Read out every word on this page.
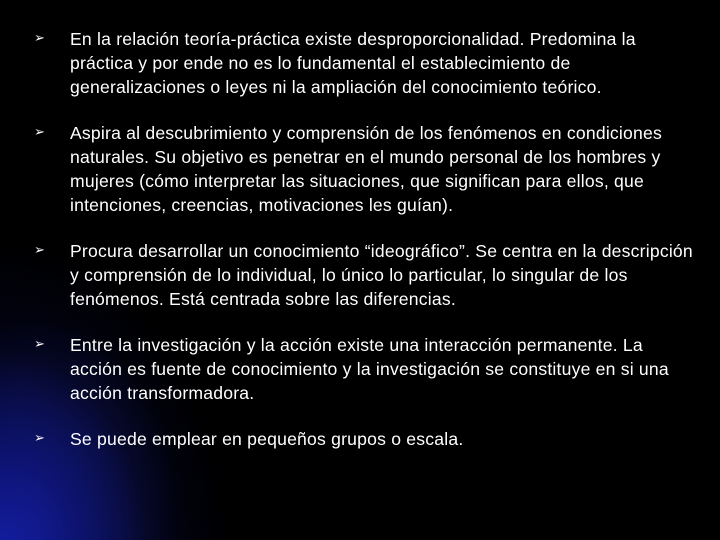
➢	En la relación teoría-práctica existe desproporcionalidad. Predomina la práctica y por ende no es lo fundamental el establecimiento de generalizaciones o leyes ni la ampliación del conocimiento teórico.
➢	Aspira al descubrimiento y comprensión de los fenómenos en condiciones naturales. Su objetivo es penetrar en el mundo personal de los hombres y mujeres (cómo interpretar las situaciones, que significan para ellos, que intenciones, creencias, motivaciones les guían).
➢	Procura desarrollar un conocimiento “ideográfico”. Se centra en la descripción y comprensión de lo individual, lo único lo particular, lo singular de los fenómenos. Está centrada sobre las diferencias.
➢	Entre la investigación y la acción existe una interacción permanente. La acción es fuente de conocimiento y la investigación se constituye en si una acción transformadora.
➢	Se puede emplear en pequeños grupos o escala.
